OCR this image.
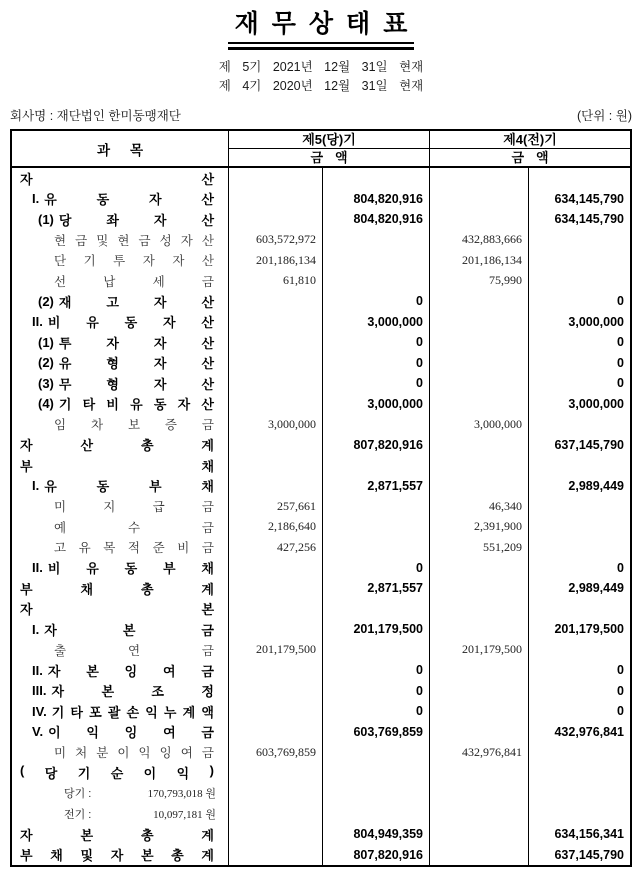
재무상태표
제 5기 2021년 12월 31일 현재
제 4기 2020년 12월 31일 현재
회사명 : 재단법인 한미동맹재단	(단위 : 원)
과목
제5(당)기
금액
제4(전)기
금액
자	산
I. 유	동	자	산	804,820,916	634,145,790
(1) 당	좌	자	산	804,820,916	634,145,790
현 금 및 현 금 성 자 산	603,572,972	432,883,666
단 기 투 자 자 산	201,186,134	201,186,134
선	납	세	금	61,810	75,990
(2) 재	고	자	산	0	0
II. 비 유 동 자 산	3,000,000	3,000,000
(1) 투	자	자	산	0	0
(2) 유	형	자	산	0	0
(3) 무	형	자	산	0	0
(4) 기 타 비 유 동 자 산	3,000,000	3,000,000
임 차 보 증 금	3,000,000	3,000,000
자	산	총	계	807,820,916	637,145,790
부	채
I. 유	동	부	채	2,871,557	2,989,449
미	지	급	금	257,661	46,340
예	수	금	2,186,640	2,391,900
고 유 목 적 준 비 금	427,256	551,209
II. 비 유 동 부 채	0	0
부	채	총	계	2,871,557	2,989,449
자	본
I. 자	본	금	201,179,500	201,179,500
출	연	금	201,179,500	201,179,500
II. 자 본 잉 여 금	0	0
III. 자	본	조	정	0	0
IV. 기 타 포 괄 손 익 누 계 액	0	0
V. 이 익 잉 여 금	603,769,859	432,976,841
미 처 분 이 익 잉 여 금	603,769,859	432,976,841
( 당 기 순 이 익 )
당기 :	170,793,018 원
전기 :	10,097,181 원
자	본	총	계	804,949,359	634,156,341
부 채 및 자 본 총 계	807,820,916	637,145,790
